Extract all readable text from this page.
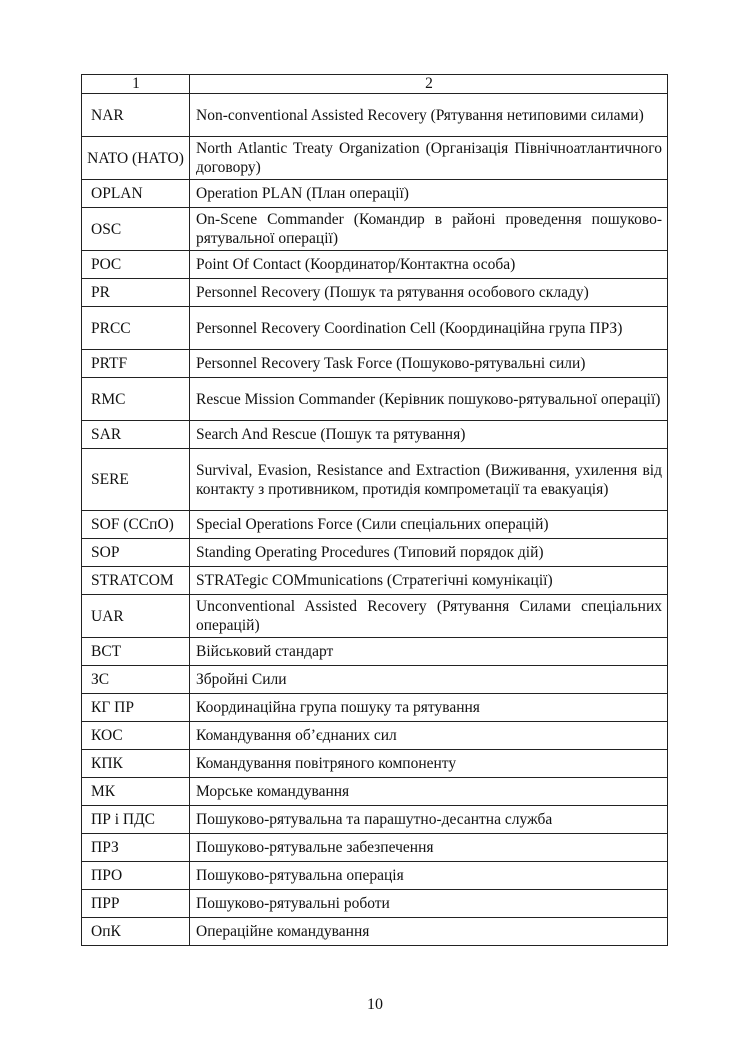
1	2
NAR	Non-conventional Assisted Recovery (Рятування нетиповими силами)
NATO (НАТО)	North Atlantic Treaty Organization (Організація Північноатлантичного договору)
OPLAN	Operation PLAN (План операції)
OSC	On-Scene Commander (Командир в районі проведення пошуково-рятувальної операції)
POC	Point Of Contact (Координатор/Контактна особа)
PR	Personnel Recovery (Пошук та рятування особового складу)
PRCC	Personnel Recovery Coordination Cell (Координаційна група ПРЗ)
PRTF	Personnel Recovery Task Force (Пошуково-рятувальні сили)
RMC	Rescue Mission Commander (Керівник пошуково-рятувальної операції)
SAR	Search And Rescue (Пошук та рятування)
SERE	Survival, Evasion, Resistance and Extraction (Виживання, ухилення від контакту з противником, протидія компрометації та евакуація)
SOF (ССпО)	Special Operations Force (Сили спеціальних операцій)
SOP	Standing Operating Procedures (Типовий порядок дій)
STRATCOM	STRATegic COMmunications (Стратегічні комунікації)
UAR	Unconventional Assisted Recovery (Рятування Силами спеціальних операцій)
ВСТ	Військовий стандарт
ЗС	Збройні Сили
КГ ПР	Координаційна група пошуку та рятування
КОС	Командування об’єднаних сил
КПК	Командування повітряного компоненту
МК	Морське командування
ПР і ПДС	Пошуково-рятувальна та парашутно-десантна служба
ПРЗ	Пошуково-рятувальне забезпечення
ПРО	Пошуково-рятувальна операція
ПРР	Пошуково-рятувальні роботи
ОпК	Операційне командування
10
